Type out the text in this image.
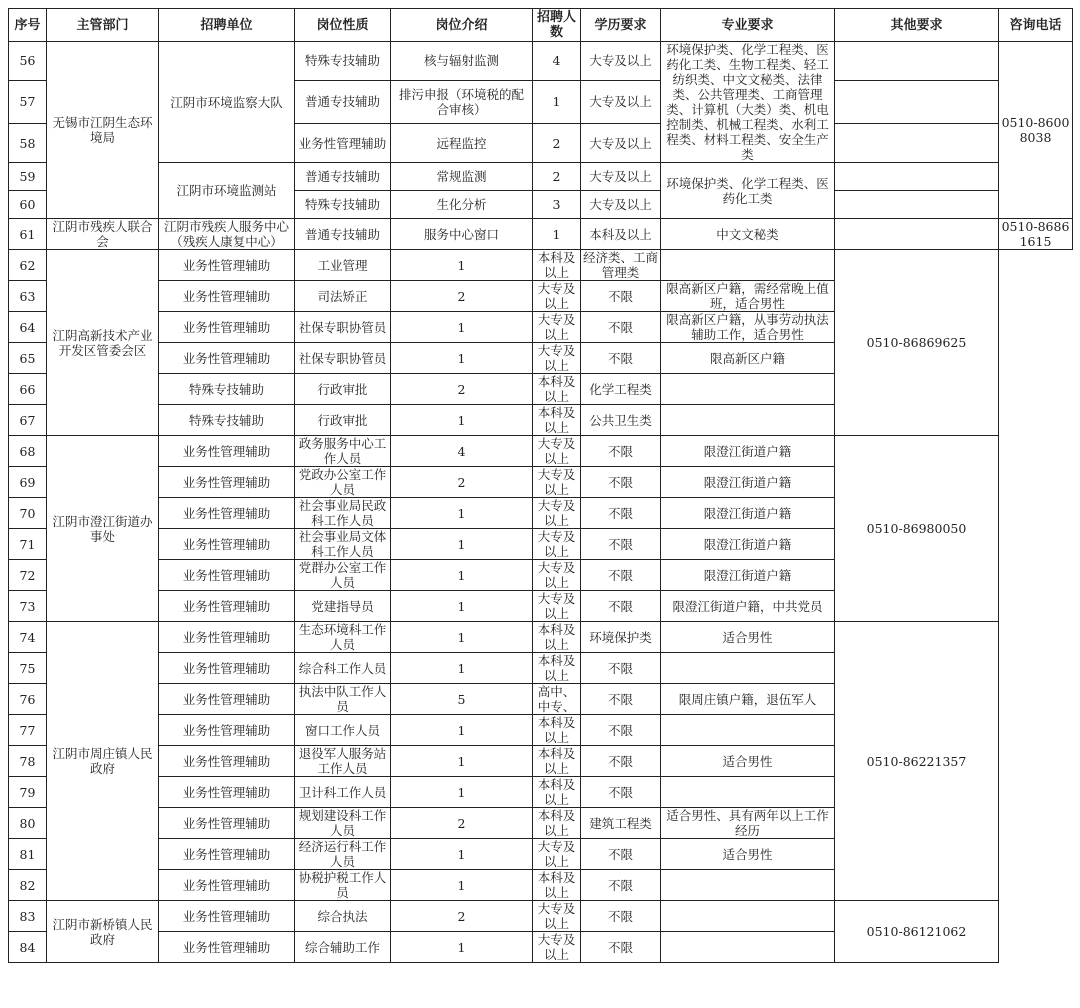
序号	主管部门	招聘单位	岗位性质	岗位介绍	招聘人数	学历要求	专业要求	其他要求	咨询电话

56	无锡市江阴生态环境局	江阴市环境监察大队	特殊专技辅助	核与辐射监测	4	大专及以上	环境保护类、化学工程类、医药化工类、生物工程类、轻工纺织类、中文文秘类、法律类、公共管理类、工商管理类、计算机（大类）类、机电控制类、机械工程类、水利工程类、材料工程类、安全生产类		0510-86008038

57			普通专技辅助	排污申报（环境税的配合审核）	1	大专及以上			

58			业务性管理辅助	远程监控	2	大专及以上			

59		江阴市环境监测站	普通专技辅助	常规监测	2	大专及以上	环境保护类、化学工程类、医药化工类		

60			特殊专技辅助	生化分析	3	大专及以上			

61	江阴市残疾人联合会	江阴市残疾人服务中心（残疾人康复中心）	普通专技辅助	服务中心窗口	1	本科及以上	中文文秘类		0510-86861615

62	江阴高新技术产业开发区管委会区	业务性管理辅助	工业管理	1	本科及以上	经济类、工商管理类		0510-86869625	

63		业务性管理辅助	司法矫正	2	大专及以上	不限	限高新区户籍，需经常晚上值班，适合男性		

64		业务性管理辅助	社保专职协管员	1	大专及以上	不限	限高新区户籍，从事劳动执法辅助工作，适合男性		

65		业务性管理辅助	社保专职协管员	1	大专及以上	不限	限高新区户籍		

66		特殊专技辅助	行政审批	2	本科及以上	化学工程类			

67		特殊专技辅助	行政审批	1	本科及以上	公共卫生类			

68	江阴市澄江街道办事处	业务性管理辅助	政务服务中心工作人员	4	大专及以上	不限	限澄江街道户籍	0510-86980050	

69		业务性管理辅助	党政办公室工作人员	2	大专及以上	不限	限澄江街道户籍		

70		业务性管理辅助	社会事业局民政科工作人员	1	大专及以上	不限	限澄江街道户籍		

71		业务性管理辅助	社会事业局文体科工作人员	1	大专及以上	不限	限澄江街道户籍		

72		业务性管理辅助	党群办公室工作人员	1	大专及以上	不限	限澄江街道户籍		

73		业务性管理辅助	党建指导员	1	大专及以上	不限	限澄江街道户籍，中共党员		

74	江阴市周庄镇人民政府	业务性管理辅助	生态环境科工作人员	1	本科及以上	环境保护类	适合男性	0510-86221357	

75		业务性管理辅助	综合科工作人员	1	本科及以上	不限			

76		业务性管理辅助	执法中队工作人员	5	高中、中专、	不限	限周庄镇户籍，退伍军人		

77		业务性管理辅助	窗口工作人员	1	本科及以上	不限			

78		业务性管理辅助	退役军人服务站工作人员	1	本科及以上	不限	适合男性		

79		业务性管理辅助	卫计科工作人员	1	本科及以上	不限			

80		业务性管理辅助	规划建设科工作人员	2	本科及以上	建筑工程类	适合男性、具有两年以上工作经历		

81		业务性管理辅助	经济运行科工作人员	1	大专及以上	不限	适合男性		

82		业务性管理辅助	协税护税工作人员	1	本科及以上	不限			

83	江阴市新桥镇人民政府	业务性管理辅助	综合执法	2	大专及以上	不限		0510-86121062	

84		业务性管理辅助	综合辅助工作	1	大专及以上	不限			
